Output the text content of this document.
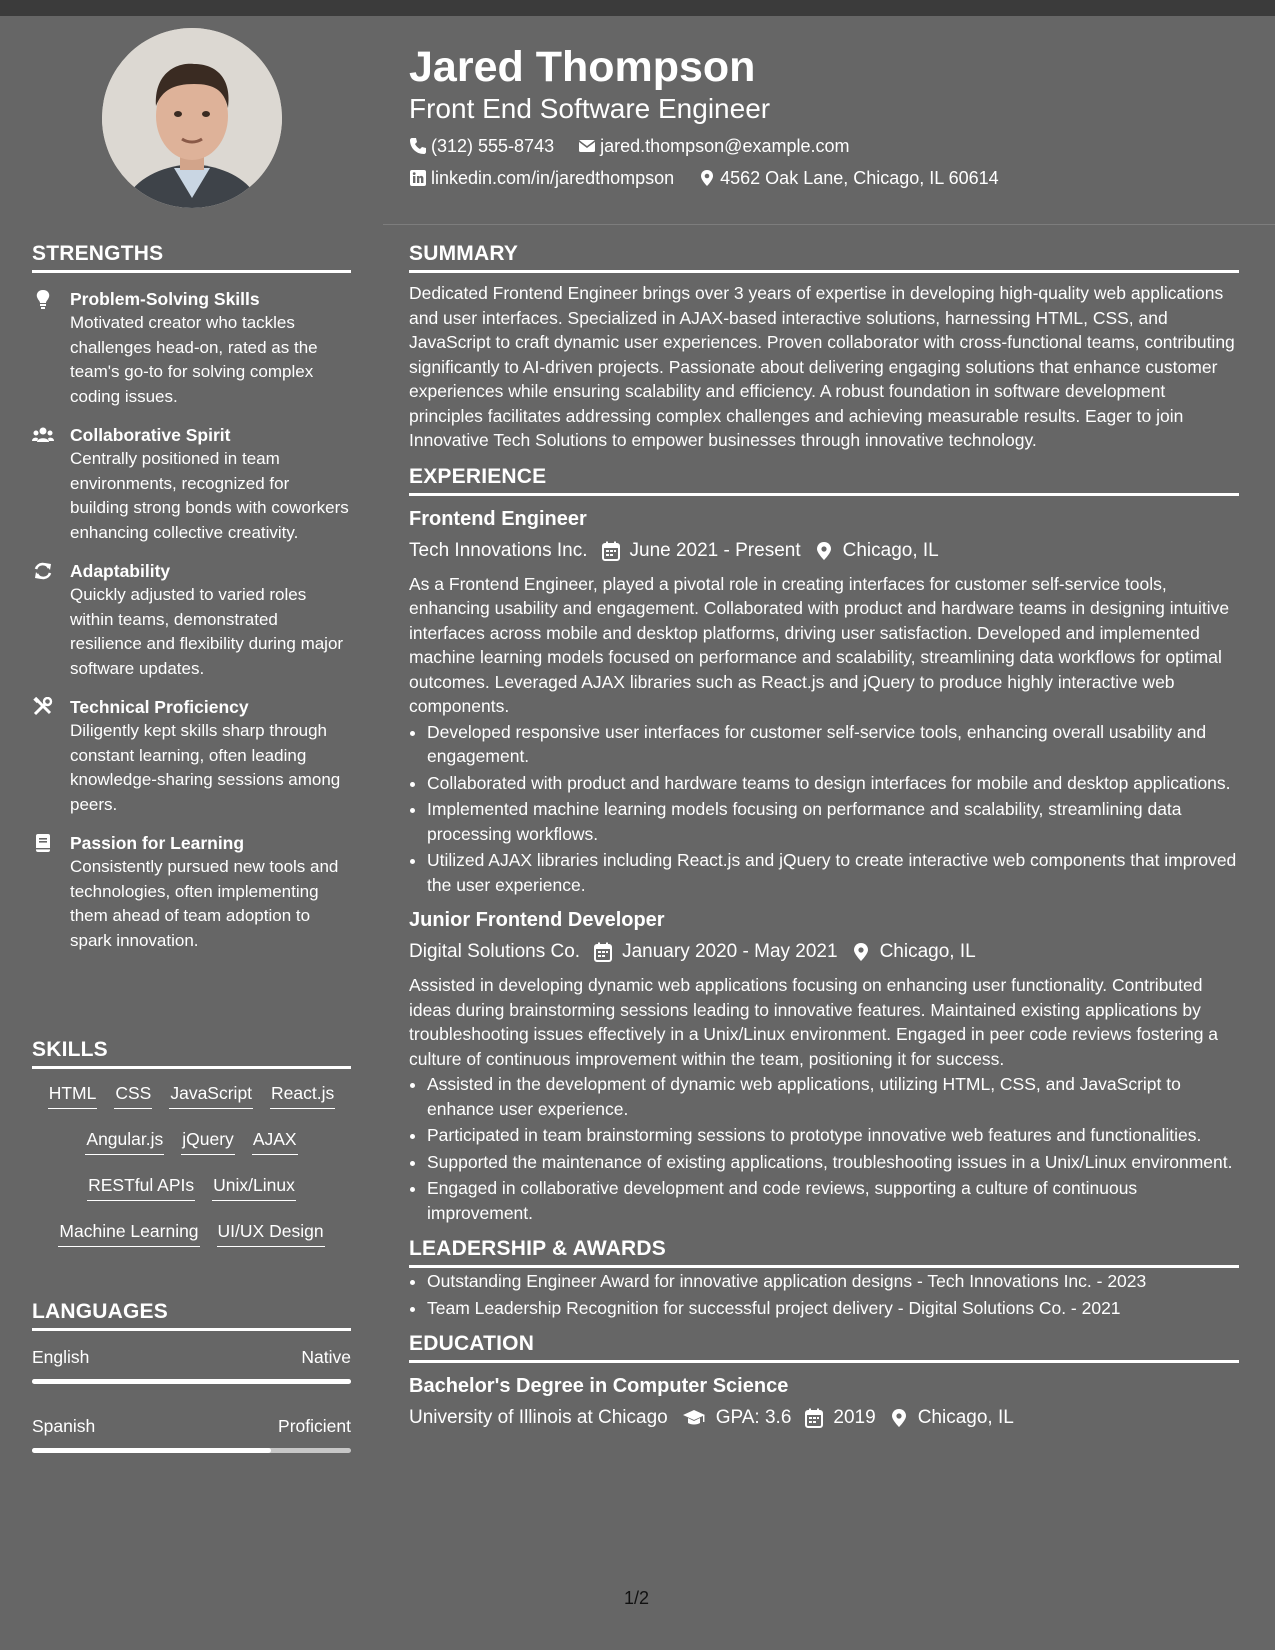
STRENGTHS
Problem-Solving Skills
Motivated creator who tackles challenges head-on, rated as the team's go-to for solving complex coding issues.
Collaborative Spirit
Centrally positioned in team environments, recognized for building strong bonds with coworkers enhancing collective creativity.
Adaptability
Quickly adjusted to varied roles within teams, demonstrated resilience and flexibility during major software updates.
Technical Proficiency
Diligently kept skills sharp through constant learning, often leading knowledge-sharing sessions among peers.
Passion for Learning
Consistently pursued new tools and technologies, often implementing them ahead of team adoption to spark innovation.
SKILLS
HTML CSS JavaScript React.js
Angular.js jQuery AJAX
RESTful APIs Unix/Linux
Machine Learning UI/UX Design
LANGUAGES
English	Native
Spanish	Proficient
Jared Thompson
Front End Software Engineer
(312) 555-8743	jared.thompson@example.com
linkedin.com/in/jaredthompson	4562 Oak Lane, Chicago, IL 60614
SUMMARY
Dedicated Frontend Engineer brings over 3 years of expertise in developing high-quality web applications and user interfaces. Specialized in AJAX-based interactive solutions, harnessing HTML, CSS, and JavaScript to craft dynamic user experiences. Proven collaborator with cross-functional teams, contributing significantly to AI-driven projects. Passionate about delivering engaging solutions that enhance customer experiences while ensuring scalability and efficiency. A robust foundation in software development principles facilitates addressing complex challenges and achieving measurable results. Eager to join Innovative Tech Solutions to empower businesses through innovative technology.
EXPERIENCE
Frontend Engineer
Tech Innovations Inc. June 2021 - Present Chicago, IL
As a Frontend Engineer, played a pivotal role in creating interfaces for customer self-service tools, enhancing usability and engagement. Collaborated with product and hardware teams in designing intuitive interfaces across mobile and desktop platforms, driving user satisfaction. Developed and implemented machine learning models focused on performance and scalability, streamlining data workflows for optimal outcomes. Leveraged AJAX libraries such as React.js and jQuery to produce highly interactive web components.
• Developed responsive user interfaces for customer self-service tools, enhancing overall usability and engagement.
• Collaborated with product and hardware teams to design interfaces for mobile and desktop applications.
• Implemented machine learning models focusing on performance and scalability, streamlining data processing workflows.
• Utilized AJAX libraries including React.js and jQuery to create interactive web components that improved the user experience.
Junior Frontend Developer
Digital Solutions Co. January 2020 - May 2021 Chicago, IL
Assisted in developing dynamic web applications focusing on enhancing user functionality. Contributed ideas during brainstorming sessions leading to innovative features. Maintained existing applications by troubleshooting issues effectively in a Unix/Linux environment. Engaged in peer code reviews fostering a culture of continuous improvement within the team, positioning it for success.
• Assisted in the development of dynamic web applications, utilizing HTML, CSS, and JavaScript to enhance user experience.
• Participated in team brainstorming sessions to prototype innovative web features and functionalities.
• Supported the maintenance of existing applications, troubleshooting issues in a Unix/Linux environment.
• Engaged in collaborative development and code reviews, supporting a culture of continuous improvement.
LEADERSHIP & AWARDS
• Outstanding Engineer Award for innovative application designs - Tech Innovations Inc. - 2023
• Team Leadership Recognition for successful project delivery - Digital Solutions Co. - 2021
EDUCATION
Bachelor's Degree in Computer Science
University of Illinois at Chicago	GPA: 3.6 2019 Chicago, IL
1/2
